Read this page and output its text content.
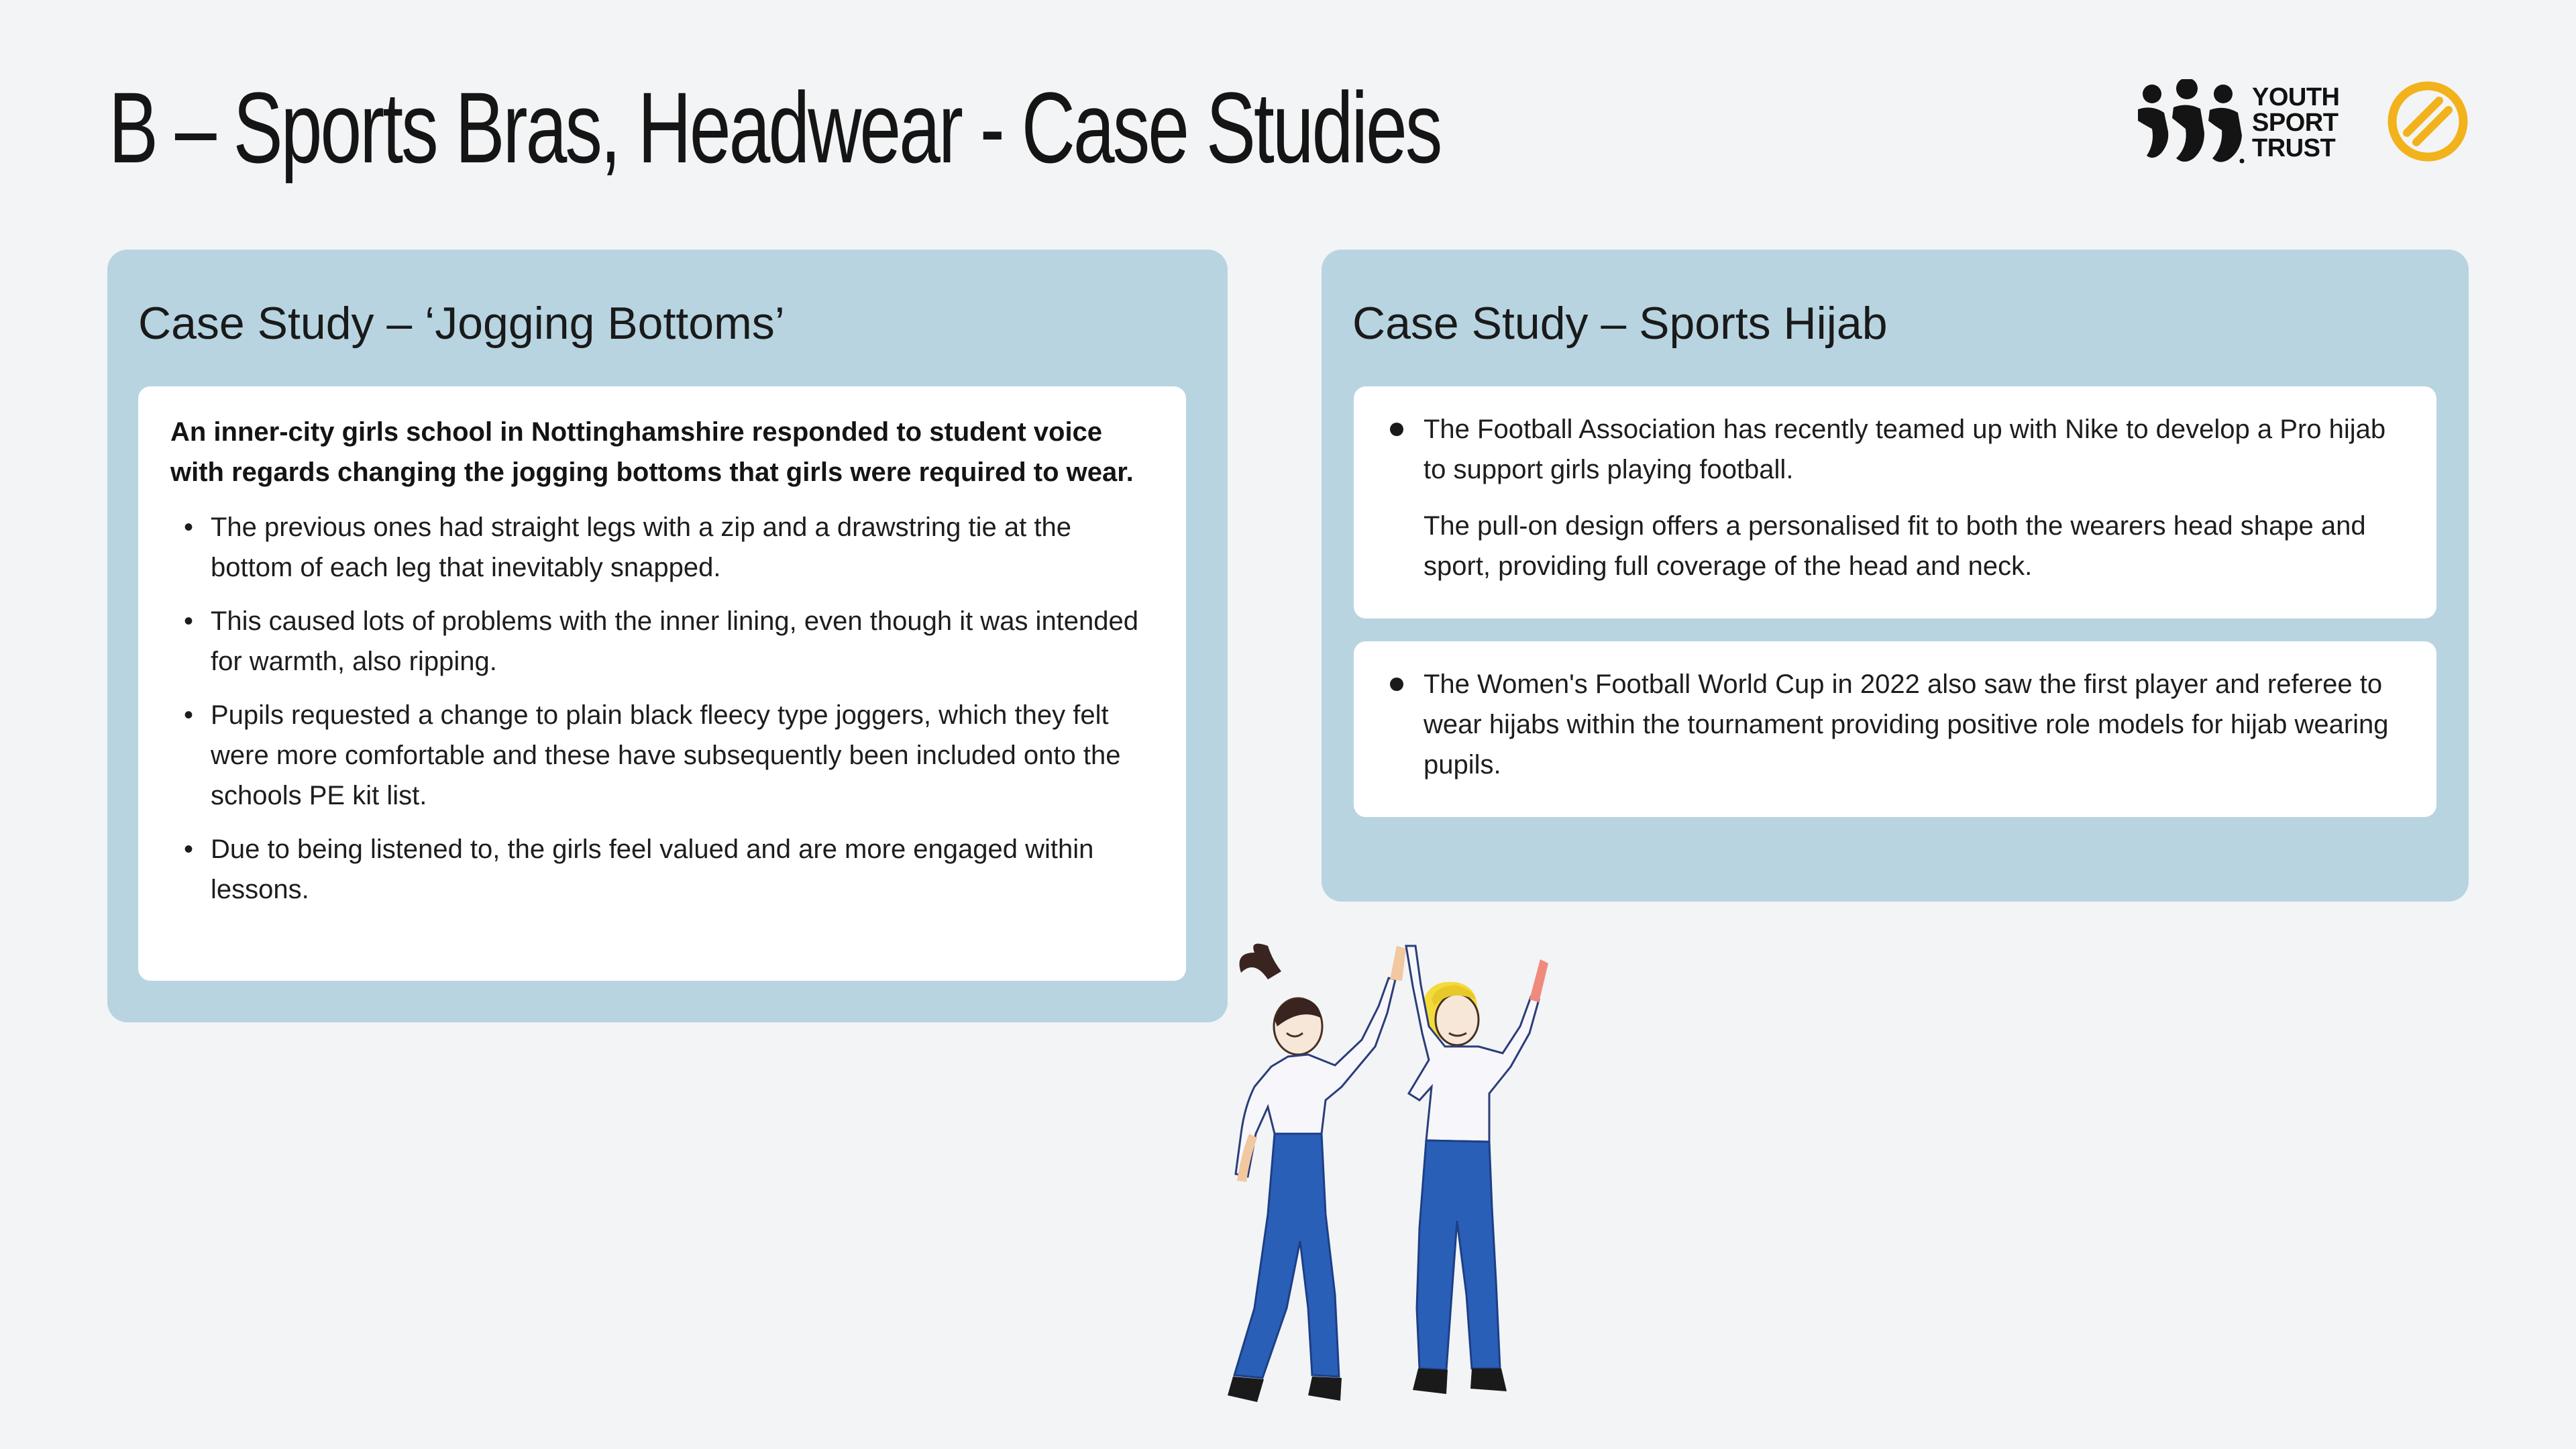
B – Sports Bras, Headwear - Case Studies	YOUTH
SPORT
TRUST
Case Study – ‘Jogging Bottoms’

An inner-city girls school in Nottinghamshire responded to student voice with regards changing the jogging bottoms that girls were required to wear.

• The previous ones had straight legs with a zip and a drawstring tie at the bottom of each leg that inevitably snapped.
• This caused lots of problems with the inner lining, even though it was intended for warmth, also ripping.
• Pupils requested a change to plain black fleecy type joggers, which they felt were more comfortable and these have subsequently been included onto the schools PE kit list.
• Due to being listened to, the girls feel valued and are more engaged within lessons.
Case Study – Sports Hijab
The Football Association has recently teamed up with Nike to develop a Pro hijab to support girls playing football.

The pull-on design offers a personalised fit to both the wearers head shape and sport, providing full coverage of the head and neck.

The Women's Football World Cup in 2022 also saw the first player and referee to wear hijabs within the tournament providing positive role models for hijab wearing pupils.
